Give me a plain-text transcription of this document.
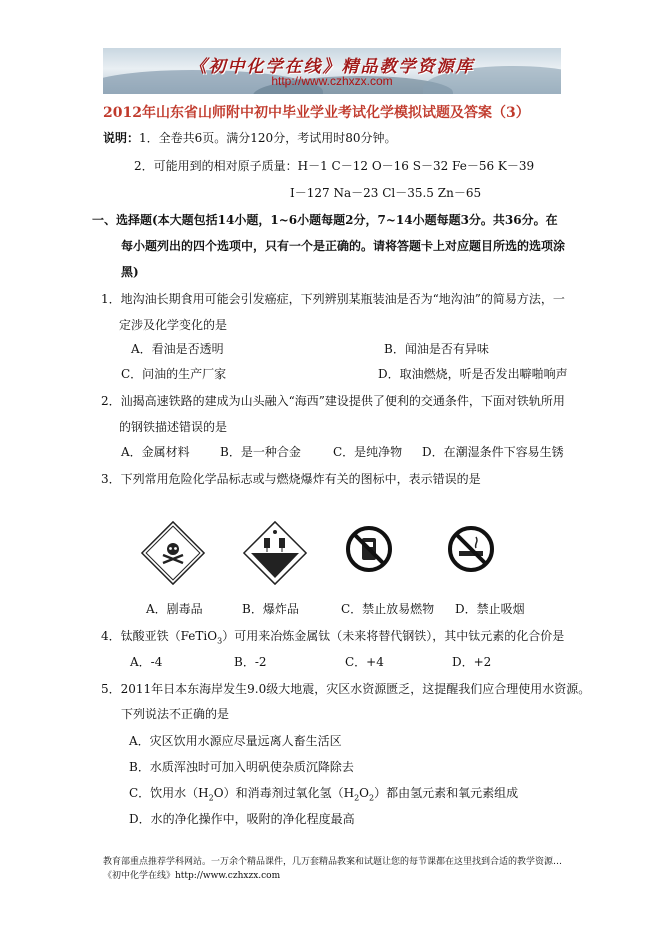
《初中化学在线》精品教学资源库
http://www.czhxzx.com
2012年山东省山师附中初中毕业学业考试化学模拟试题及答案（3）
说明：1．全卷共6页。满分120分，考试用时80分钟。
2．可能用到的相对原子质量：H－1 C－12 O－16 S－32 Fe－56 K－39
I－127 Na－23 Cl－35.5 Zn－65
一、选择题(本大题包括14小题，1~6小题每题2分，7~14小题每题3分。共36分。在
每小题列出的四个选项中，只有一个是正确的。请将答题卡上对应题目所选的选项涂
黑)
1．地沟油长期食用可能会引发癌症，下列辨别某瓶装油是否为“地沟油”的简易方法，一
定涉及化学变化的是
A．看油是否透明	B．闻油是否有异味
C．问油的生产厂家	D．取油燃烧，听是否发出噼啪响声
2．汕揭高速铁路的建成为山头融入“海西”建设提供了便利的交通条件，下面对铁轨所用
的钢铁描述错误的是
A．金属材料	B．是一种合金	C．是纯净物 D．在潮湿条件下容易生锈
3．下列常用危险化学品标志或与燃烧爆炸有关的图标中，表示错误的是
A．剧毒品	B．爆炸品	C．禁止放易燃物 D．禁止吸烟
4．钛酸亚铁（FeTiO$_3$）可用来冶炼金属钛（未来将替代钢铁），其中钛元素的化合价是
A．-4	B．-2	C．+4	D．+2
5．2011年日本东海岸发生9.0级大地震，灾区水资源匮乏，这提醒我们应合理使用水资源。
下列说法不正确的是
A．灾区饮用水源应尽量远离人畜生活区
B．水质浑浊时可加入明矾使杂质沉降除去
C．饮用水$(H_2O)$和消毒剂过氧化氢$(H_2O_2)$都由氢元素和氧元素组成
D．水的净化操作中，吸附的净化程度最高
教育部重点推荐学科网站。一万余个精品课件，几万套精品教案和试题让您的每节课都在这里找到合适的教学资源…《初中化学在线》http://www.czhxzx.com
